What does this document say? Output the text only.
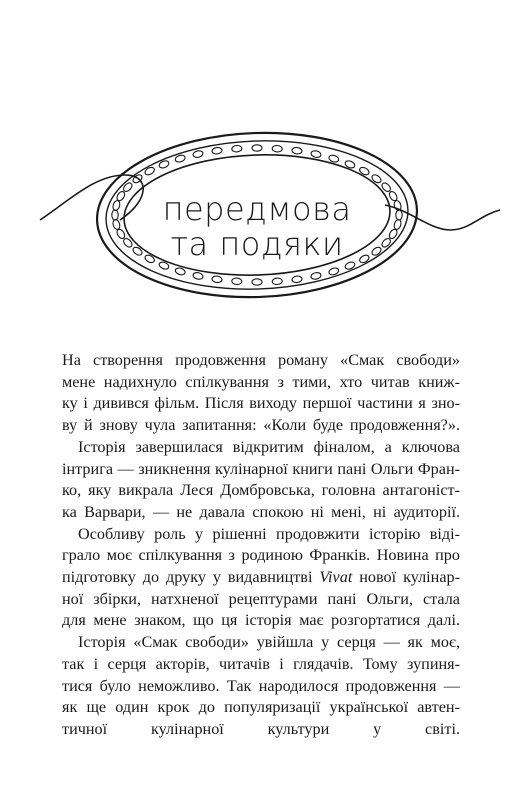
передмова
та подяки

На створення продовження роману «Смак свободи»
мене надихнуло спілкування з тими, хто читав книж-
ку і дивився фільм. Після виходу першої частини я зно-
ву й знову чула запитання: «Коли буде продовження?».

Історія завершилася відкритим фіналом, а ключова
інтрига — зникнення кулінарної книги пані Ольги Фран-
ко, яку викрала Леся Домбровська, головна антагоніст-
ка Варвари, — не давала спокою ні мені, ні аудиторії.

Особливу роль у рішенні продовжити історію віді-
грало моє спілкування з родиною Франків. Новина про
підготовку до друку у видавництві Vivat нової кулінар-
ної збірки, натхненої рецептурами пані Ольги, стала
для мене знаком, що ця історія має розгортатися далі.

Історія «Смак свободи» увійшла у серця — як моє,
так і серця акторів, читачів і глядачів. Тому зупиня-
тися було неможливо. Так народилося продовження —
як ще один крок до популяризації української автен-
тичної кулінарної культури у світі.
